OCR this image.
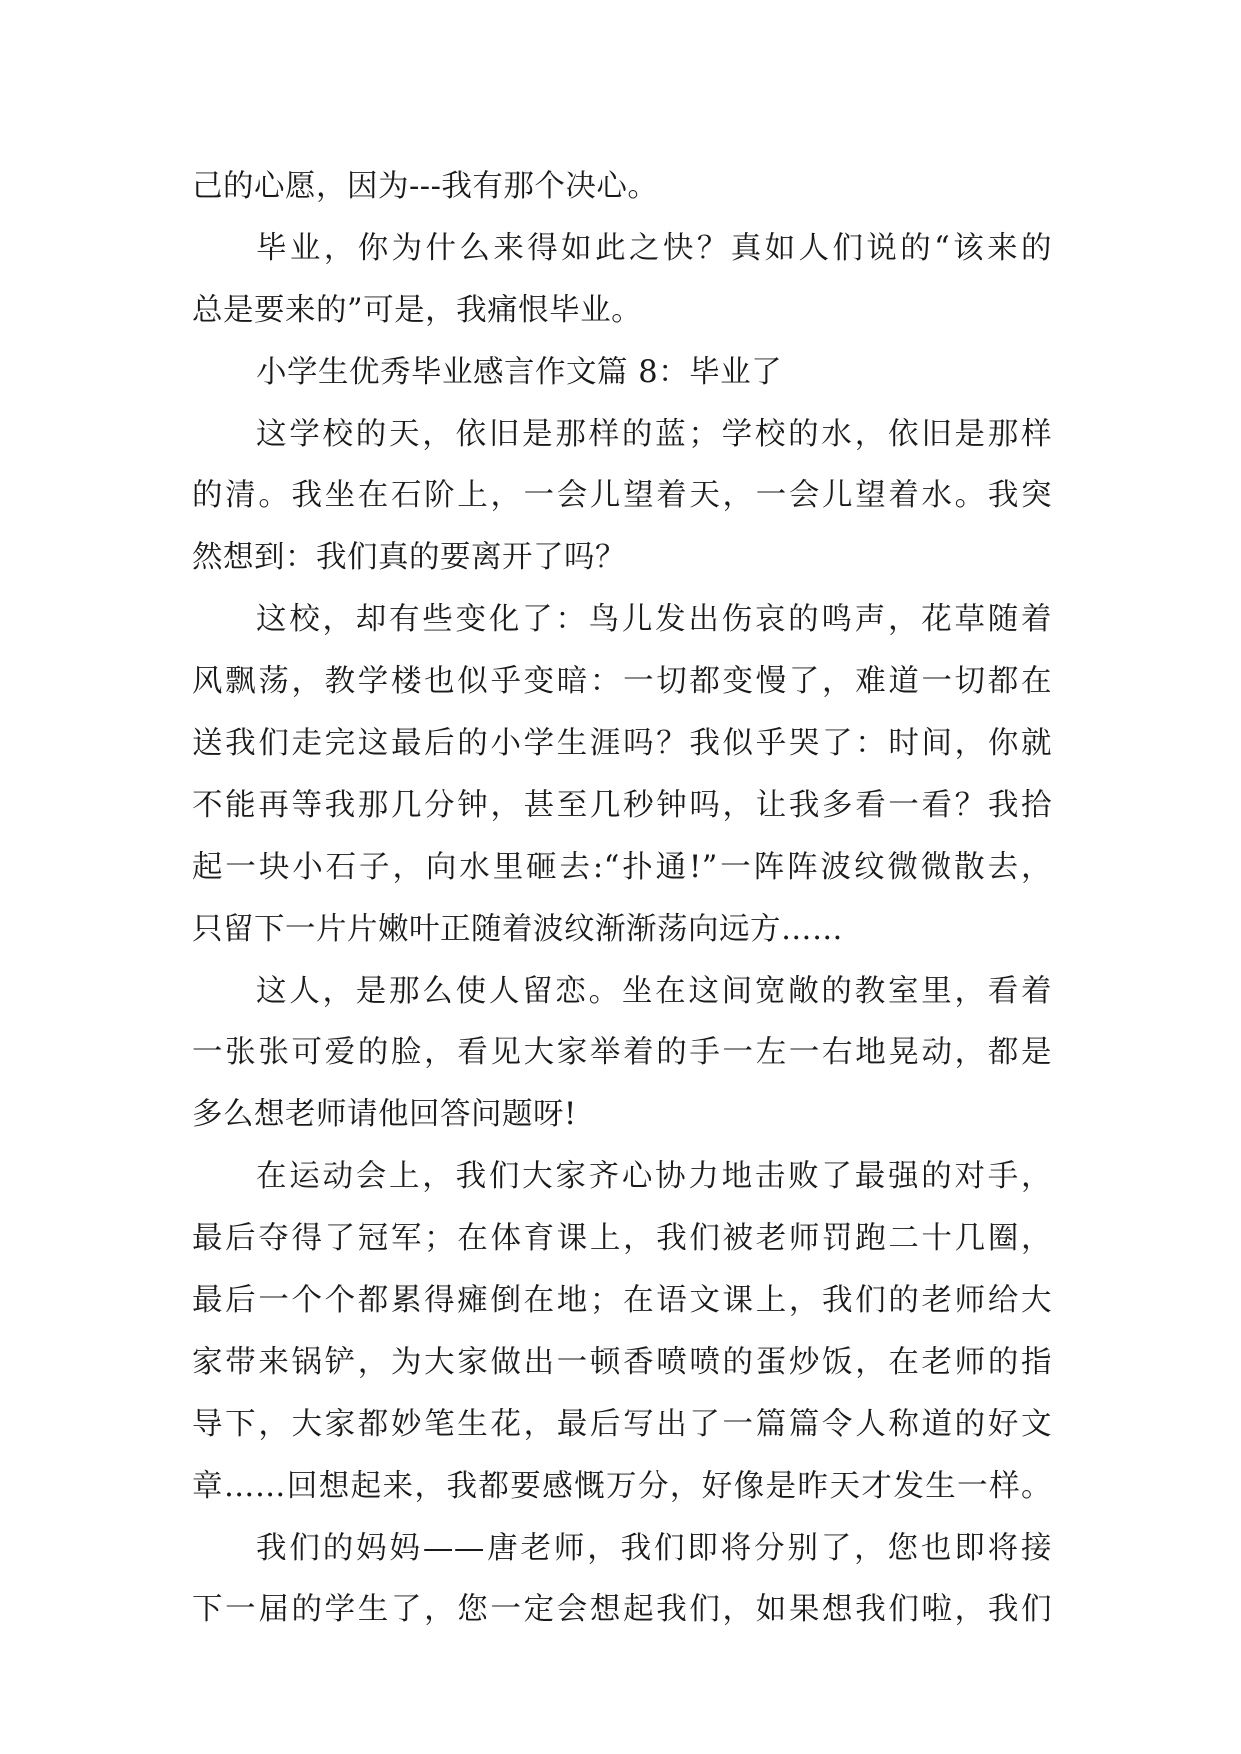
己的心愿，因为---我有那个决心。
毕业，你为什么来得如此之快？真如人们说的“该来的
总是要来的”可是，我痛恨毕业。
小学生优秀毕业感言作文篇 8：毕业了
这学校的天，依旧是那样的蓝；学校的水，依旧是那样
的清。我坐在石阶上，一会儿望着天，一会儿望着水。我突
然想到：我们真的要离开了吗？
这校，却有些变化了：鸟儿发出伤哀的鸣声，花草随着
风飘荡，教学楼也似乎变暗：一切都变慢了，难道一切都在
送我们走完这最后的小学生涯吗？我似乎哭了：时间，你就
不能再等我那几分钟，甚至几秒钟吗，让我多看一看？我拾
起一块小石子，向水里砸去:“扑通!”一阵阵波纹微微散去，
只留下一片片嫩叶正随着波纹渐渐荡向远方……
这人，是那么使人留恋。坐在这间宽敞的教室里，看着
一张张可爱的脸，看见大家举着的手一左一右地晃动，都是
多么想老师请他回答问题呀!
在运动会上，我们大家齐心协力地击败了最强的对手，
最后夺得了冠军；在体育课上，我们被老师罚跑二十几圈，
最后一个个都累得瘫倒在地；在语文课上，我们的老师给大
家带来锅铲，为大家做出一顿香喷喷的蛋炒饭，在老师的指
导下，大家都妙笔生花，最后写出了一篇篇令人称道的好文
章……回想起来，我都要感慨万分，好像是昨天才发生一样。
我们的妈妈——唐老师，我们即将分别了，您也即将接
下一届的学生了，您一定会想起我们，如果想我们啦，我们
